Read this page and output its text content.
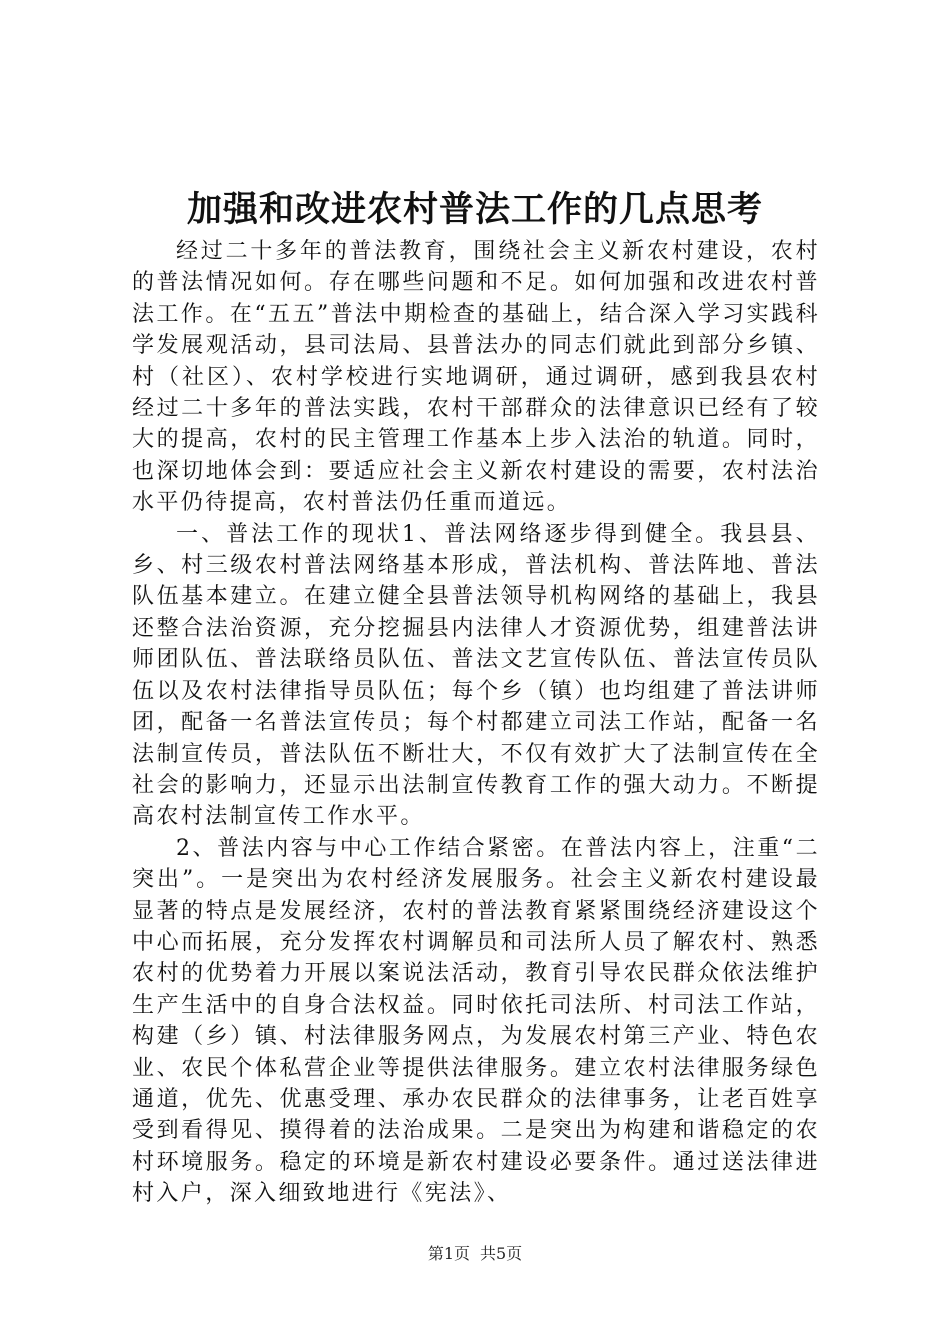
加强和改进农村普法工作的几点思考

经过二十多年的普法教育，围绕社会主义新农村建设，农村的普法情况如何。存在哪些问题和不足。如何加强和改进农村普法工作。在“五五”普法中期检查的基础上，结合深入学习实践科学发展观活动，县司法局、县普法办的同志们就此到部分乡镇、村（社区）、农村学校进行实地调研，通过调研，感到我县农村经过二十多年的普法实践，农村干部群众的法律意识已经有了较大的提高，农村的民主管理工作基本上步入法治的轨道。同时，也深切地体会到：要适应社会主义新农村建设的需要，农村法治水平仍待提高，农村普法仍任重而道远。

一、普法工作的现状1、普法网络逐步得到健全。我县县、乡、村三级农村普法网络基本形成，普法机构、普法阵地、普法队伍基本建立。在建立健全县普法领导机构网络的基础上，我县还整合法治资源，充分挖掘县内法律人才资源优势，组建普法讲师团队伍、普法联络员队伍、普法文艺宣传队伍、普法宣传员队伍以及农村法律指导员队伍；每个乡（镇）也均组建了普法讲师团，配备一名普法宣传员；每个村都建立司法工作站，配备一名法制宣传员，普法队伍不断壮大，不仅有效扩大了法制宣传在全社会的影响力，还显示出法制宣传教育工作的强大动力。不断提高农村法制宣传工作水平。

2、普法内容与中心工作结合紧密。在普法内容上，注重“二突出”。一是突出为农村经济发展服务。社会主义新农村建设最显著的特点是发展经济，农村的普法教育紧紧围绕经济建设这个中心而拓展，充分发挥农村调解员和司法所人员了解农村、熟悉农村的优势着力开展以案说法活动，教育引导农民群众依法维护生产生活中的自身合法权益。同时依托司法所、村司法工作站，构建（乡）镇、村法律服务网点，为发展农村第三产业、特色农业、农民个体私营企业等提供法律服务。建立农村法律服务绿色通道，优先、优惠受理、承办农民群众的法律事务，让老百姓享受到看得见、摸得着的法治成果。二是突出为构建和谐稳定的农村环境服务。稳定的环境是新农村建设必要条件。通过送法律进村入户，深入细致地进行《宪法》、

第1页 共5页
